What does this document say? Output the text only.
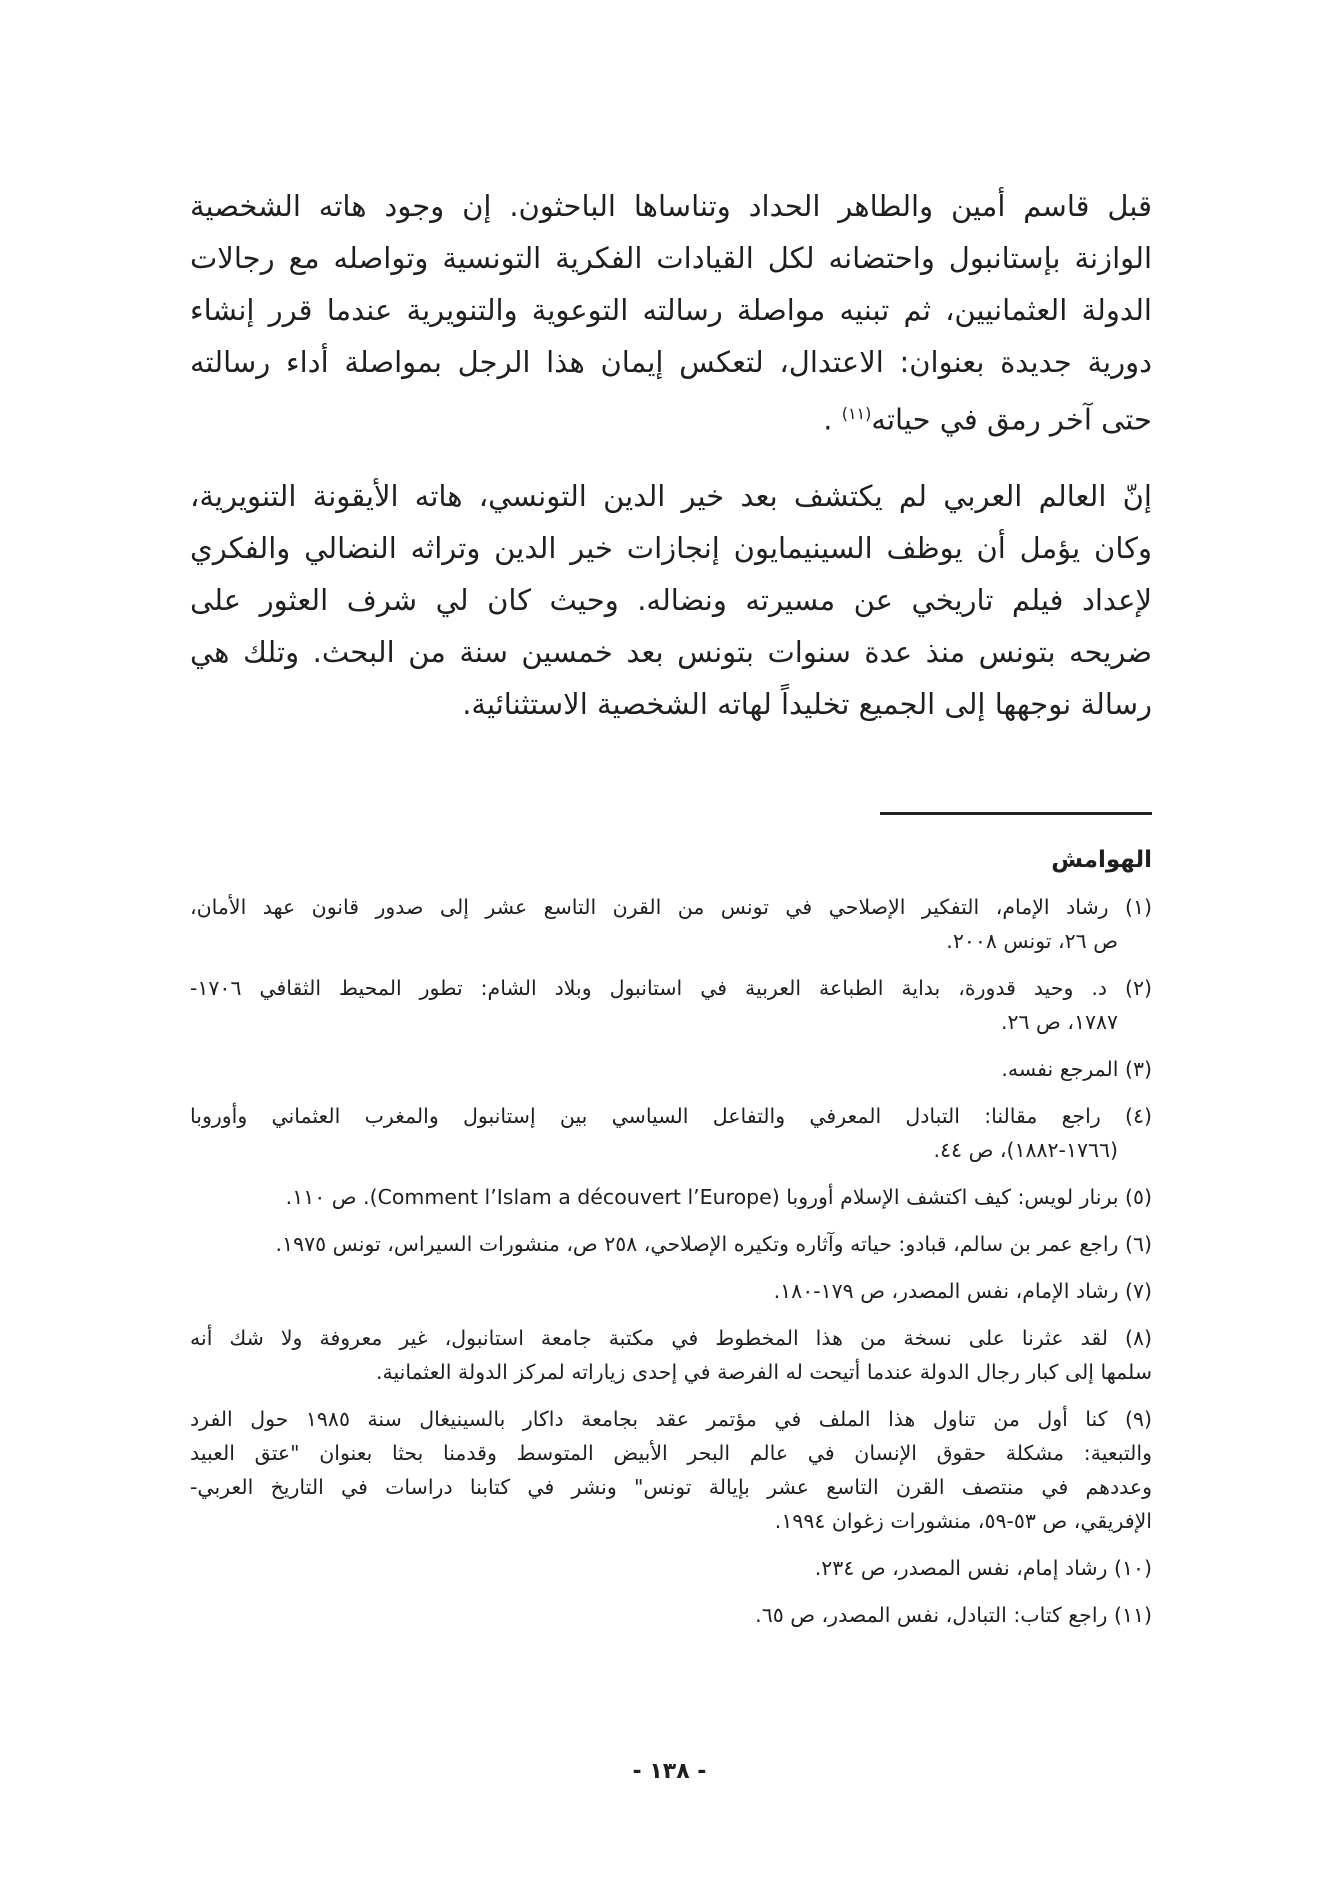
قبل قاسم أمين والطاهر الحداد وتناساها الباحثون. إن وجود هاته الشخصية
الوازنة بإستانبول واحتضانه لكل القيادات الفكرية التونسية وتواصله مع رجالات
الدولة العثمانيين، ثم تبنيه مواصلة رسالته التوعوية والتنويرية عندما قرر إنشاء
دورية جديدة بعنوان: الاعتدال، لتعكس إيمان هذا الرجل بمواصلة أداء رسالته
حتى آخر رمق في حياته$^{(١١)}$ .
إنّ العالم العربي لم يكتشف بعد خير الدين التونسي، هاته الأيقونة التنويرية،
وكان يؤمل أن يوظف السينيمايون إنجازات خير الدين وتراثه النضالي والفكري
لإعداد فيلم تاريخي عن مسيرته ونضاله. وحيث كان لي شرف العثور على
ضريحه بتونس منذ عدة سنوات بتونس بعد خمسين سنة من البحث. وتلك هي
رسالة نوجهها إلى الجميع تخليداً لهاته الشخصية الاستثنائية.
الهوامش
(١) رشاد الإمام، التفكير الإصلاحي في تونس من القرن التاسع عشر إلى صدور قانون عهد الأمان،
ص ٢٦، تونس ٢٠٠٨.
(٢) د. وحيد قدورة، بداية الطباعة العربية في استانبول وبلاد الشام: تطور المحيط الثقافي ١٧٠٦-
١٧٨٧، ص ٢٦.
(٣) المرجع نفسه.
(٤) راجع مقالنا: التبادل المعرفي والتفاعل السياسي بين إستانبول والمغرب العثماني وأوروبا
(١٧٦٦-١٨٨٢)، ص ٤٤.
(٥) برنار لويس: كيف اكتشف الإسلام أوروبا (Comment l’Islam a découvert l’Europe). ص ١١٠.
(٦) راجع عمر بن سالم، قبادو: حياته وآثاره وتكيره الإصلاحي، ٢٥٨ ص، منشورات السيراس، تونس ١٩٧٥.
(٧) رشاد الإمام، نفس المصدر، ص ١٧٩-١٨٠.
(٨) لقد عثرنا على نسخة من هذا المخطوط في مكتبة جامعة استانبول، غير معروفة ولا شك أنه
سلمها إلى كبار رجال الدولة عندما أتيحت له الفرصة في إحدى زياراته لمركز الدولة العثمانية.
(٩) كنا أول من تناول هذا الملف في مؤتمر عقد بجامعة داكار بالسينيغال سنة ١٩٨٥ حول الفرد
والتبعية: مشكلة حقوق الإنسان في عالم البحر الأبيض المتوسط وقدمنا بحثا بعنوان "عتق العبيد
وعددهم في منتصف القرن التاسع عشر بإيالة تونس" ونشر في كتابنا دراسات في التاريخ العربي-
الإفريقي، ص ٥٣-٥٩، منشورات زغوان ١٩٩٤.
(١٠) رشاد إمام، نفس المصدر، ص ٢٣٤.
(١١) راجع كتاب: التبادل، نفس المصدر، ص ٦٥.
- ١٣٨ -
